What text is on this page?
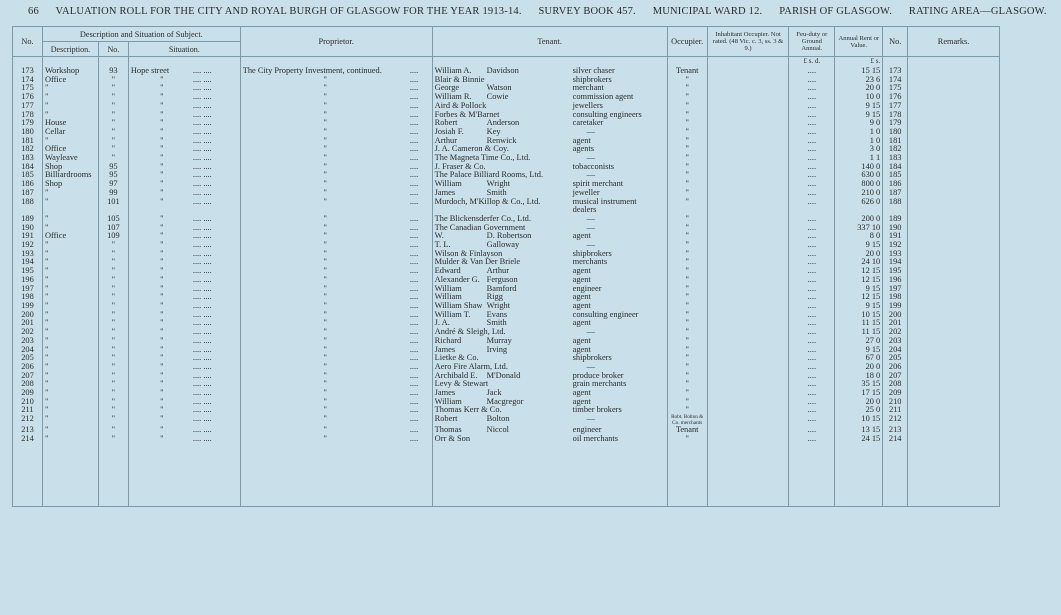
66 VALUATION ROLL FOR THE CITY AND ROYAL BURGH OF GLASGOW FOR THE YEAR 1913-14. SURVEY BOOK 457. MUNICIPAL WARD 12. PARISH OF GLASGOW. RATING AREA—GLASGOW.
No.	Description and Situation of Subject.			Proprietor.	Tenant.	Occupier.	Inhabitant Occupier. Not rated. (48 Vic. c. 3, ss. 3 & 9.)	Feu-duty or Ground Annual.	Annual Rent or Value.	No.	Remarks.
	Description.	No.	Situation.								
								£ s. d.	£ s.		
173	Workshop	93	Hope street .... ....	The City Property Investment, continued. ....	William A. Davidson silver chaser	Tenant		....	15 15	173	
174	Office	"	" .... ....	" ....	Blair & Binnie shipbrokers	"		....	23 6	174	
175	"	"	" .... ....	" ....	George Watson merchant	"		....	20 0	175	
176	"	"	" .... ....	" ....	William R. Cowie commission agent	"		....	10 0	176	
177	"	"	" .... ....	" ....	Aird & Pollock jewellers	"		....	9 15	177	
178	"	"	" .... ....	" ....	Forbes & M'Barnet consulting engineers	"		....	9 15	178	
179	House	"	" .... ....	" ....	Robert Anderson caretaker	"		....	9 0	179	
180	Cellar	"	" .... ....	" ....	Josiah F. Key —	"		....	1 0	180	
181	"	"	" .... ....	" ....	Arthur Renwick agent	"		....	1 0	181	
182	Office	"	" .... ....	" ....	J. A. Cameron & Coy. agents	"		....	3 0	182	
183	Wayleave	"	" .... ....	" ....	The Magneta Time Co., Ltd. —	"		....	1 1	183	
184	Shop	95	" .... ....	" ....	J. Fraser & Co. tobacconists	"		....	140 0	184	
185	Billiardrooms	95	" .... ....	" ....	The Palace Billiard Rooms, Ltd. —	"		....	630 0	185	
186	Shop	97	" .... ....	" ....	William Wright spirit merchant	"		....	800 0	186	
187	"	99	" .... ....	" ....	James Smith jeweller	"		....	210 0	187	
188	"	101	" .... ....	" ....	Murdoch, M'Killop & Co., Ltd. musical instrument dealers	"		....	626 0	188	
189	"	105	" .... ....	" ....	The Blickensderfer Co., Ltd. —	"		....	200 0	189	
190	"	107	" .... ....	" ....	The Canadian Government —	"		....	337 10	190	
191	Office	109	" .... ....	" ....	W. D. Robertson agent	"		....	8 0	191	
192	"	"	" .... ....	" ....	T. L. Galloway —	"		....	9 15	192	
193	"	"	" .... ....	" ....	Wilson & Finlayson shipbrokers	"		....	20 0	193	
194	"	"	" .... ....	" ....	Mulder & Van Der Briele merchants	"		....	24 10	194	
195	"	"	" .... ....	" ....	Edward Arthur agent	"		....	12 15	195	
196	"	"	" .... ....	" ....	Alexander G. Ferguson agent	"		....	12 15	196	
197	"	"	" .... ....	" ....	William Bamford engineer	"		....	9 15	197	
198	"	"	" .... ....	" ....	William Rigg agent	"		....	12 15	198	
199	"	"	" .... ....	" ....	William Shaw Wright agent	"		....	9 15	199	
200	"	"	" .... ....	" ....	William T. Evans consulting engineer	"		....	10 15	200	
201	"	"	" .... ....	" ....	J. A. Smith agent	"		....	11 15	201	
202	"	"	" .... ....	" ....	André & Sleigh, Ltd. —	"		....	11 15	202	
203	"	"	" .... ....	" ....	Richard Murray agent	"		....	27 0	203	
204	"	"	" .... ....	" ....	James Irving agent	"		....	9 15	204	
205	"	"	" .... ....	" ....	Lietke & Co. shipbrokers	"		....	67 0	205	
206	"	"	" .... ....	" ....	Aero Fire Alarm, Ltd. —	"		....	20 0	206	
207	"	"	" .... ....	" ....	Archibald E. M'Donald produce broker	"		....	18 0	207	
208	"	"	" .... ....	" ....	Levy & Stewart grain merchants	"		....	35 15	208	
209	"	"	" .... ....	" ....	James Jack agent	"		....	17 15	209	
210	"	"	" .... ....	" ....	William Macgregor agent	"		....	20 0	210	
211	"	"	" .... ....	" ....	Thomas Kerr & Co. timber brokers	"		....	25 0	211	
212	"	"	" .... ....	" ....	Robert Bolton —	Robt. Bolton & Co. merchants		....	10 15	212	
213	"	"	" .... ....	" ....	Thomas Niccol engineer	Tenant		....	13 15	213	
214	"	"	" .... ....	" ....	Orr & Son oil merchants	"		....	24 15	214	
